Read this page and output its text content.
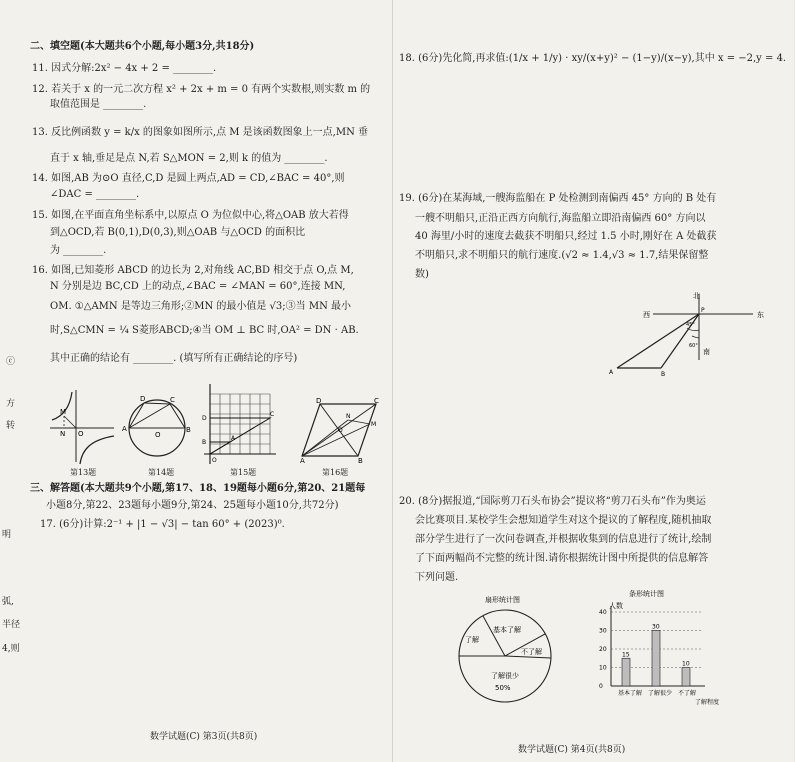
ⓒ
方
转
明
弧,
半径
4,则
二、填空题(本大题共6个小题,每小题3分,共18分)
11. 因式分解:2x² − 4x + 2 = ________.
12. 若关于 x 的一元二次方程 x² + 2x + m = 0 有两个实数根,则实数 m 的
取值范围是 ________.
13. 反比例函数 y = k/x 的图象如图所示,点 M 是该函数图象上一点,MN 垂
直于 x 轴,垂足是点 N,若 S△MON = 2,则 k 的值为 ________.
14. 如图,AB 为⊙O 直径,C,D 是圆上两点,AD = CD,∠BAC = 40°,则
∠DAC = ________.
15. 如图,在平面直角坐标系中,以原点 O 为位似中心,将△OAB 放大若得
到△OCD,若 B(0,1),D(0,3),则△OAB 与△OCD 的面积比
为 ________.
16. 如图,已知菱形 ABCD 的边长为 2,对角线 AC,BD 相交于点 O,点 M,
N 分别是边 BC,CD 上的动点,∠BAC = ∠MAN = 60°,连接 MN,
OM. ①△AMN 是等边三角形;②MN 的最小值是 √3;③当 MN 最小
时,S△CMN = ¼ S菱形ABCD;④当 OM ⊥ BC 时,OA² = DN · AB.
其中正确的结论有 ________. (填写所有正确结论的序号)
M
N O
A	B
C
D
O
O
D
C
B
A
D	C
B
A
O
N
M
第13题	第14题	第15题	第16题
三、解答题(本大题共9个小题,第17、18、19题每小题6分,第20、21题每
小题8分,第22、23题每小题9分,第24、25题每小题10分,共72分)
17. (6分)计算:2⁻¹ + |1 − √3| − tan 60° + (2023)⁰.
数学试题(C) 第3页(共8页)
18. (6分)先化简,再求值:(1/x + 1/y) · xy/(x+y)² − (1−y)/(x−y),其中 x = −2,y = 4.
19. (6分)在某海域,一艘海监船在 P 处检测到南偏西 45° 方向的 B 处有
一艘不明船只,正沿正西方向航行,海监船立即沿南偏西 60° 方向以
40 海里/小时的速度去截获不明船只,经过 1.5 小时,刚好在 A 处截获
不明船只,求不明船只的航行速度.(√2 ≈ 1.4,√3 ≈ 1.7,结果保留整
数)
北
南
东
西
P
A	B
45°
60°
20. (8分)据报道,“国际剪刀石头布协会”提议将“剪刀石头布”作为奥运
会比赛项目.某校学生会想知道学生对这个提议的了解程度,随机抽取
部分学生进行了一次问卷调查,并根据收集到的信息进行了统计,绘制
了下面两幅尚不完整的统计图.请你根据统计图中所提供的信息解答
下列问题.
扇形统计图
了解
基本了解
不了解
了解很少
50%
条形统计图
人数
了解程度
0
10
20
30
40
15
基本了解
30
了解很少
10
不了解
数学试题(C) 第4页(共8页)
